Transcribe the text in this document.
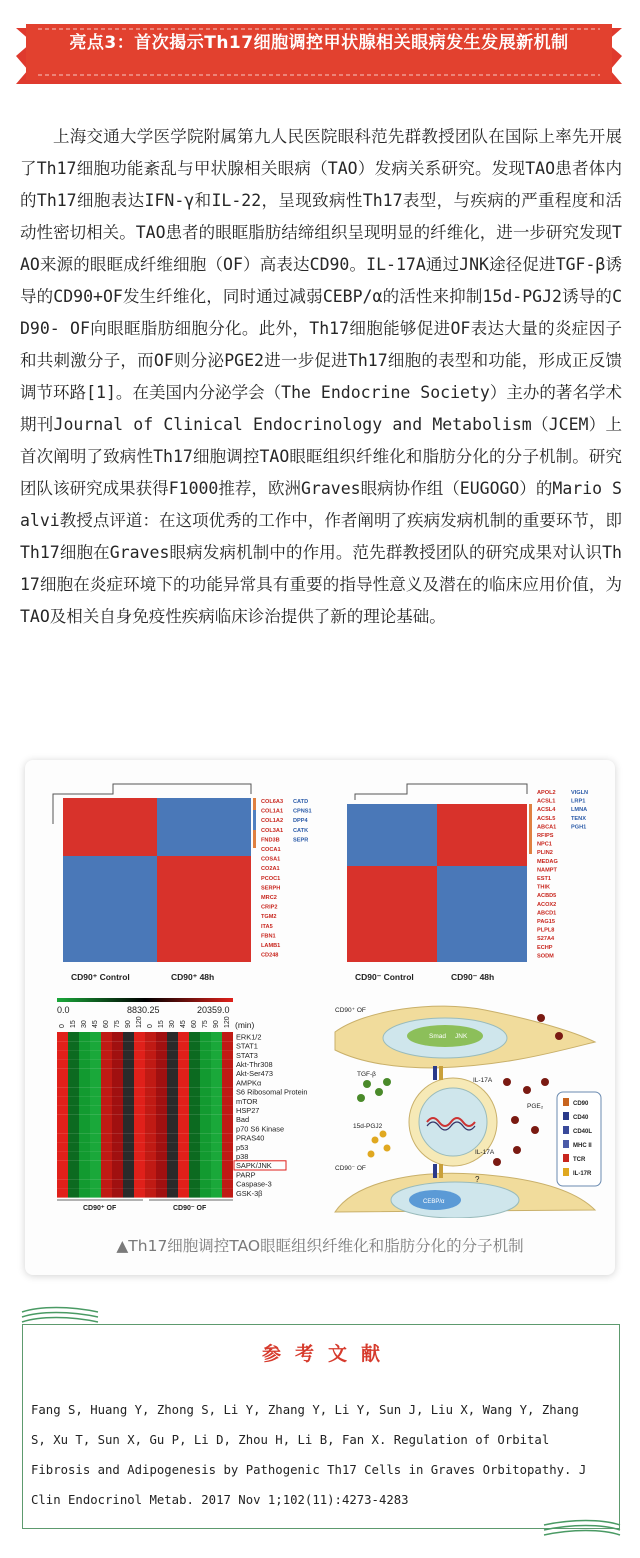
亮点3：首次揭示Th17细胞调控甲状腺相关眼病发生发展新机制
上海交通大学医学院附属第九人民医院眼科范先群教授团队在国际上率先开展了Th17细胞功能紊乱与甲状腺相关眼病（TAO）发病关系研究。发现TAO患者体内的Th17细胞表达IFN-γ和IL-22，呈现致病性Th17表型，与疾病的严重程度和活动性密切相关。TAO患者的眼眶脂肪结缔组织呈现明显的纤维化，进一步研究发现TAO来源的眼眶成纤维细胞（OF）高表达CD90。IL-17A通过JNK途径促进TGF-β诱导的CD90+OF发生纤维化，同时通过减弱CEBP/α的活性来抑制15d-PGJ2诱导的CD90- OF向眼眶脂肪细胞分化。此外，Th17细胞能够促进OF表达大量的炎症因子和共刺激分子，而OF则分泌PGE2进一步促进Th17细胞的表型和功能，形成正反馈调节环路[1]。在美国内分泌学会（The Endocrine Society）主办的著名学术期刊Journal of Clinical Endocrinology and Metabolism（JCEM）上首次阐明了致病性Th17细胞调控TAO眼眶组织纤维化和脂肪分化的分子机制。研究团队该研究成果获得F1000推荐，欧洲Graves眼病协作组（EUGOGO）的Mario Salvi教授点评道：在这项优秀的工作中，作者阐明了疾病发病机制的重要环节，即Th17细胞在Graves眼病发病机制中的作用。范先群教授团队的研究成果对认识Th17细胞在炎症环境下的功能异常具有重要的指导性意义及潜在的临床应用价值，为TAO及相关自身免疫性疾病临床诊治提供了新的理论基础。
COL6A3
COL1A1
COL1A2
COL3A1
FND3B
COCA1
COSA1
CO2A1
PCOC1
SERPH
MRC2
CRIP2
TGM2
ITA5
FBN1
LAMB1
CD248
CATD
CPNS1
DPP4
CATK
SEPR
CD90⁺ Control	CD90⁺ 48h
APOL2
ACSL1
ACSL4
ACSL5
ABCA1
RFIPS
NPC1
PLIN2
MEDAG
NAMPT
EST1
THIK
ACBD5
ACOX2
ABCD1
PAG15
PLPL8
S27A4
ECHP
SODM
VIGLN
LRP1
LMNA
TENX
PGH1
CD90⁻ Control	CD90⁻ 48h
0.0	8830.25	20359.0
(min)
0 15 30 45 60 75 90 120 0 15 30 45 60 75 90 120
ERK1/2
STAT1
STAT3
Akt-Thr308
Akt-Ser473
AMPKα
S6 Ribosomal Protein
mTOR
HSP27
Bad
p70 S6 Kinase
PRAS40
p53
p38
SAPK/JNK
PARP
Caspase-3
GSK-3β
CD90⁺ OF	CD90⁻ OF
Smad JNK
CD90⁺ OF
CEBP/α
CD90⁻ OF
TGF-β
15d-PGJ2
IL-17A
IL-17A
PGE₂
?
CD90
CD40
CD40L
MHC II
TCR
IL-17R
▲Th17细胞调控TAO眼眶组织纤维化和脂肪分化的分子机制
参考文献
Fang S, Huang Y, Zhong S, Li Y, Zhang Y, Li Y, Sun J, Liu X, Wang Y, Zhang S, Xu T, Sun X, Gu P, Li D, Zhou H, Li B, Fan X. Regulation of Orbital Fibrosis and Adipogenesis by Pathogenic Th17 Cells in Graves Orbitopathy. J Clin Endocrinol Metab. 2017 Nov 1;102(11):4273-4283
